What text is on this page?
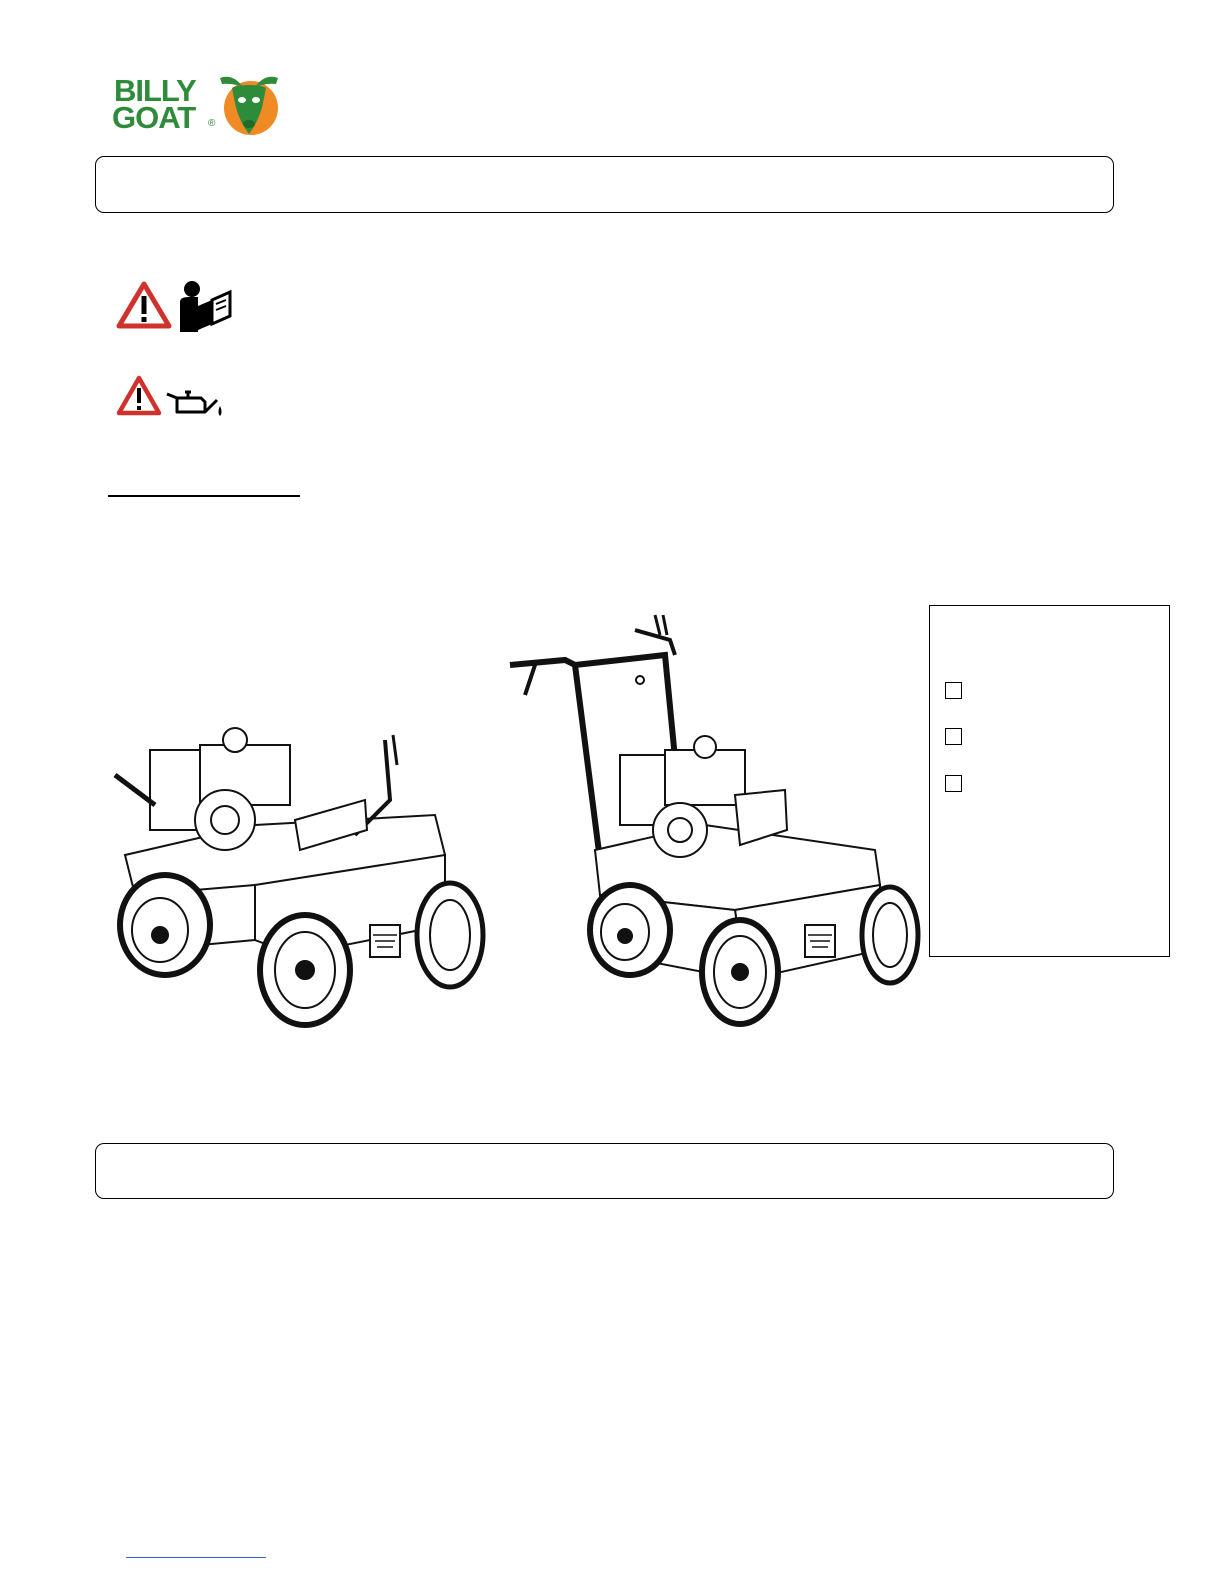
BILLY
GOAT ®
